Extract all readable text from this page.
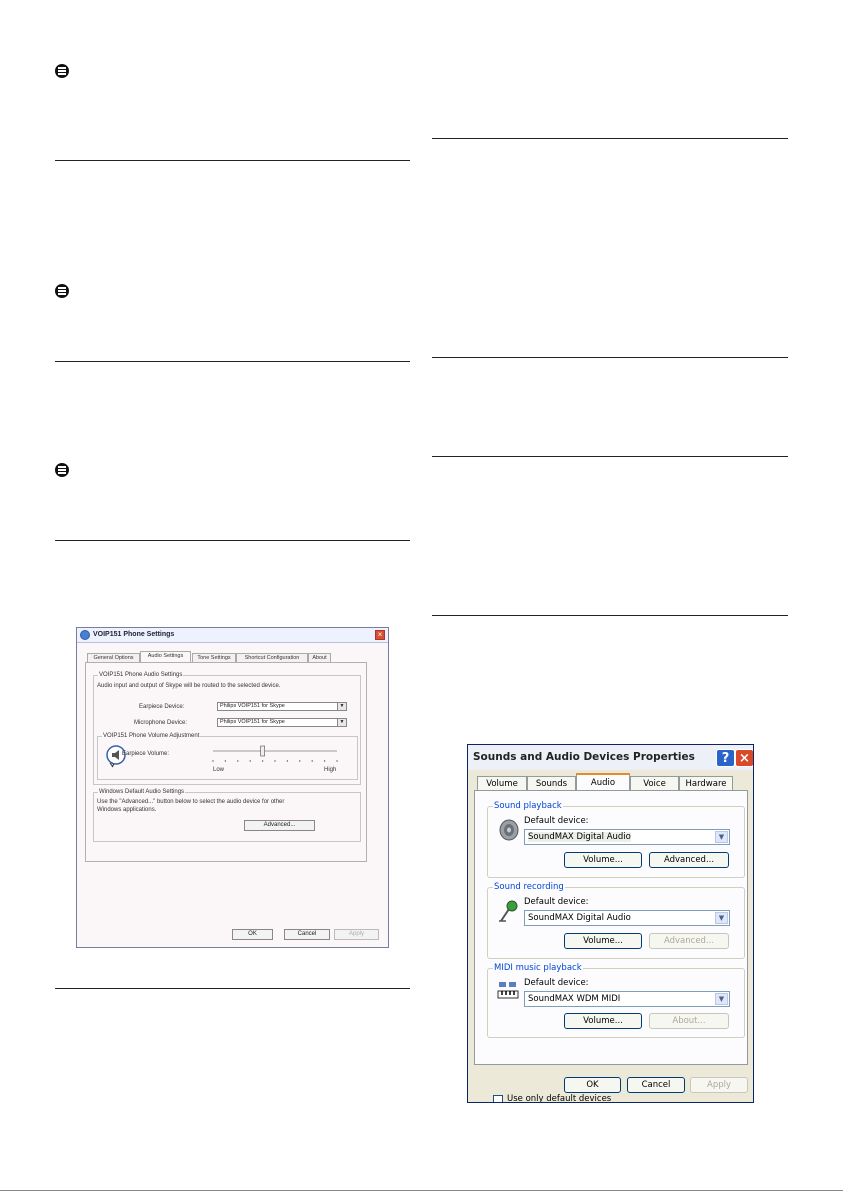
VOIP151 Phone Settings	×
General Options	Audio Settings	Tone Settings	Shortcut Configuration	About
VOIP151 Phone Audio Settings
Audio input and output of Skype will be routed to the selected device.
Earpiece Device:	Philips VOIP151 for Skype	▼
Microphone Device:	Philips VOIP151 for Skype	▼
VOIP151 Phone Volume Adjustment
Earpiece Volume:
Low	High
Windows Default Audio Settings
Use the "Advanced..." button below to select the audio device for other
Windows applications.
Advanced...
OK	Cancel	Apply
Sounds and Audio Devices Properties	? ×
Volume	Sounds	Audio	Voice	Hardware
Sound playback
Default device:
SoundMAX Digital Audio	▼
Volume...	Advanced...
Sound recording
Default device:
SoundMAX Digital Audio	▼
Volume...	Advanced...
MIDI music playback
Default device:
SoundMAX WDM MIDI	▼
Volume...	About...
Use only default devices
OK	Cancel	Apply
